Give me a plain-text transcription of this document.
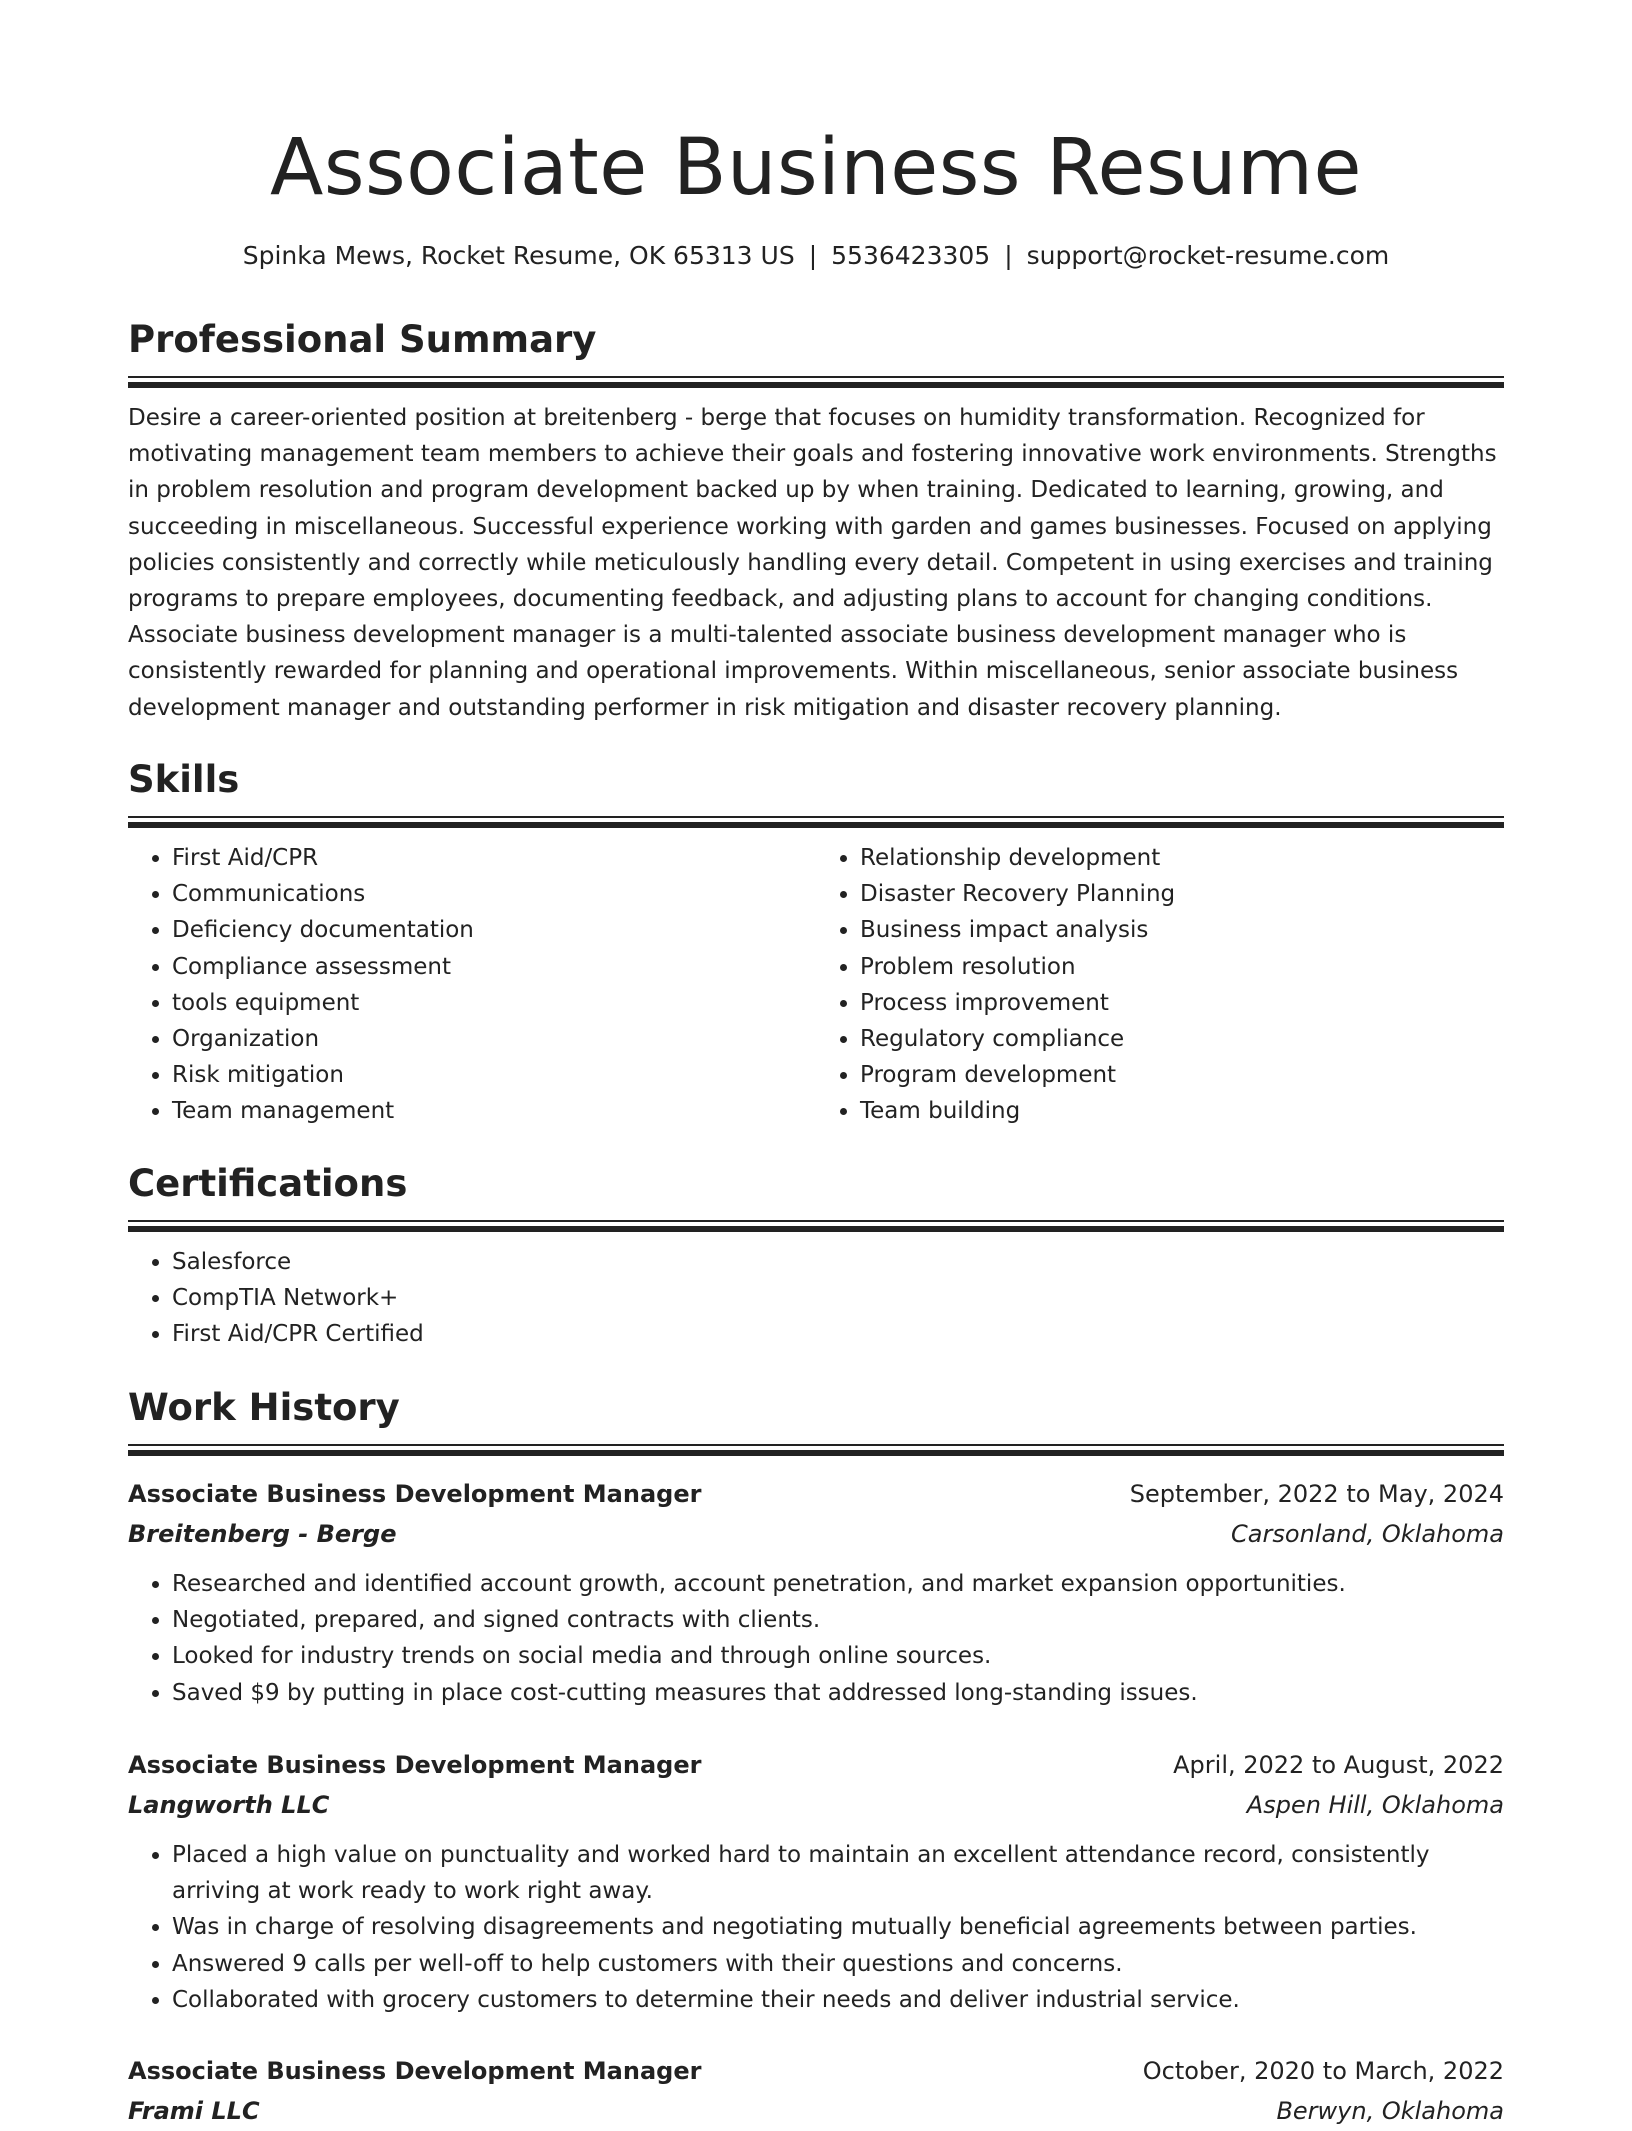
Associate Business Resume
Spinka Mews, Rocket Resume, OK 65313 US | 5536423305 | support@rocket-resume.com
Professional Summary
Desire a career-oriented position at breitenberg - berge that focuses on humidity transformation. Recognized for motivating management team members to achieve their goals and fostering innovative work environments. Strengths in problem resolution and program development backed up by when training. Dedicated to learning, growing, and succeeding in miscellaneous. Successful experience working with garden and games businesses. Focused on applying policies consistently and correctly while meticulously handling every detail. Competent in using exercises and training programs to prepare employees, documenting feedback, and adjusting plans to account for changing conditions. Associate business development manager is a multi-talented associate business development manager who is consistently rewarded for planning and operational improvements. Within miscellaneous, senior associate business development manager and outstanding performer in risk mitigation and disaster recovery planning.
Skills
• First Aid/CPR
• Communications
• Deficiency documentation
• Compliance assessment
• tools equipment
• Organization
• Risk mitigation
• Team management
• Relationship development
• Disaster Recovery Planning
• Business impact analysis
• Problem resolution
• Process improvement
• Regulatory compliance
• Program development
• Team building
Certifications
• Salesforce
• CompTIA Network+
• First Aid/CPR Certified
Work History
Associate Business Development Manager	September, 2022 to May, 2024
Breitenberg - Berge	Carsonland, Oklahoma
• Researched and identified account growth, account penetration, and market expansion opportunities.
• Negotiated, prepared, and signed contracts with clients.
• Looked for industry trends on social media and through online sources.
• Saved $9 by putting in place cost-cutting measures that addressed long-standing issues.
Associate Business Development Manager	April, 2022 to August, 2022
Langworth LLC	Aspen Hill, Oklahoma
• Placed a high value on punctuality and worked hard to maintain an excellent attendance record, consistently arriving at work ready to work right away.
• Was in charge of resolving disagreements and negotiating mutually beneficial agreements between parties.
• Answered 9 calls per well-off to help customers with their questions and concerns.
• Collaborated with grocery customers to determine their needs and deliver industrial service.
Associate Business Development Manager	October, 2020 to March, 2022
Frami LLC	Berwyn, Oklahoma
